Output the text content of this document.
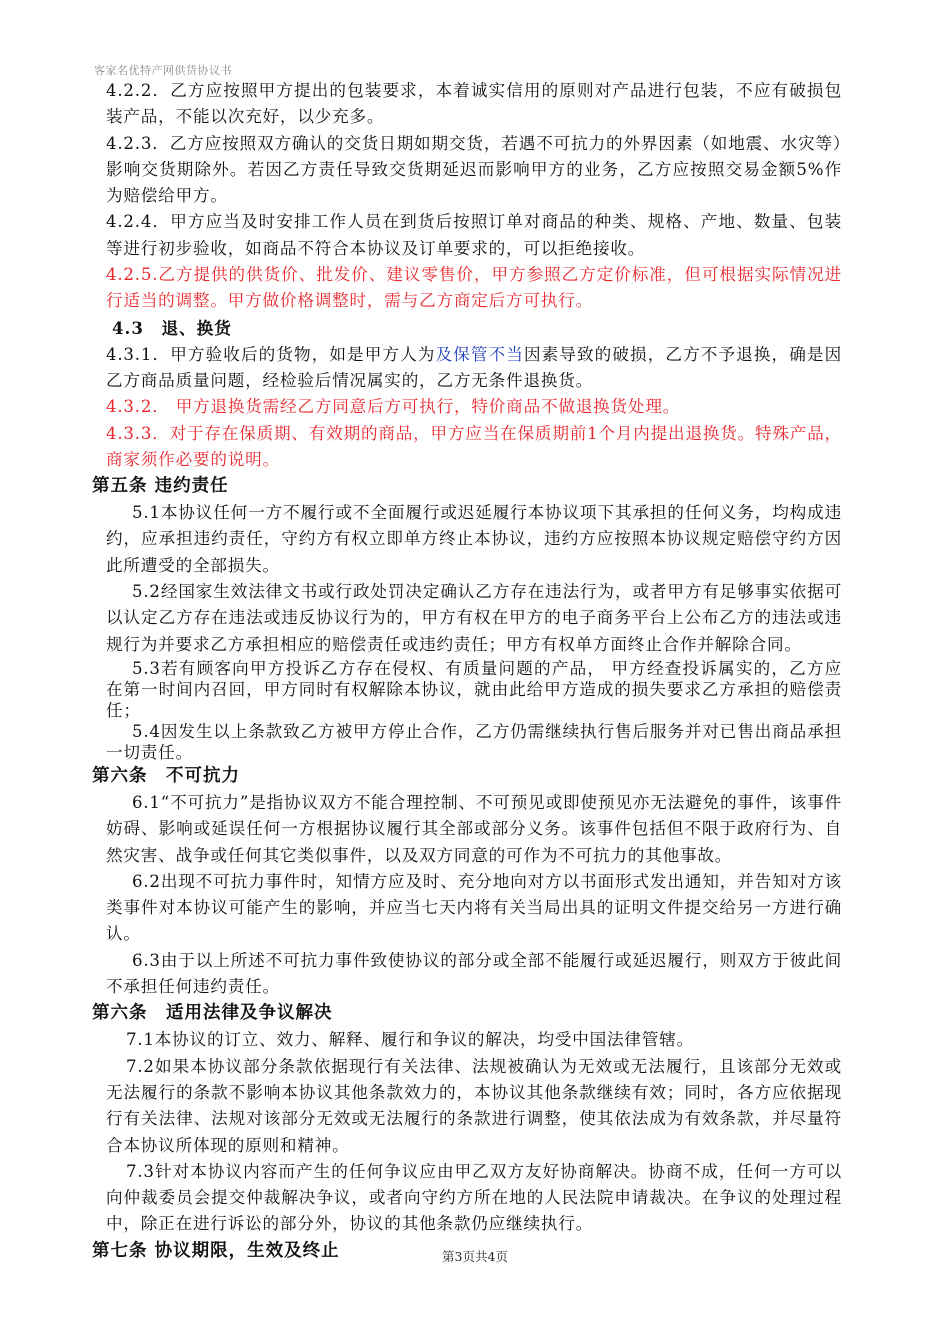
客家名优特产网供货协议书

4.2.2．乙方应按照甲方提出的包装要求，本着诚实信用的原则对产品进行包装，不应有破损包装产品，不能以次充好，以少充多。

4.2.3．乙方应按照双方确认的交货日期如期交货，若遇不可抗力的外界因素（如地震、水灾等）影响交货期除外。若因乙方责任导致交货期延迟而影响甲方的业务，乙方应按照交易金额5%作为赔偿给甲方。

4.2.4．甲方应当及时安排工作人员在到货后按照订单对商品的种类、规格、产地、数量、包装等进行初步验收，如商品不符合本协议及订单要求的，可以拒绝接收。

4.2.5.乙方提供的供货价、批发价、建议零售价，甲方参照乙方定价标准，但可根据实际情况进行适当的调整。甲方做价格调整时，需与乙方商定后方可执行。

4.3　退、换货

4.3.1．甲方验收后的货物，如是甲方人为及保管不当因素导致的破损，乙方不予退换，确是因乙方商品质量问题，经检验后情况属实的，乙方无条件退换货。

4.3.2． 甲方退换货需经乙方同意后方可执行，特价商品不做退换货处理。

4.3.3．对于存在保质期、有效期的商品，甲方应当在保质期前1个月内提出退换货。特殊产品，商家须作必要的说明。

第五条 违约责任

5.1本协议任何一方不履行或不全面履行或迟延履行本协议项下其承担的任何义务，均构成违约，应承担违约责任，守约方有权立即单方终止本协议，违约方应按照本协议规定赔偿守约方因此所遭受的全部损失。

5.2经国家生效法律文书或行政处罚决定确认乙方存在违法行为，或者甲方有足够事实依据可以认定乙方存在违法或违反协议行为的，甲方有权在甲方的电子商务平台上公布乙方的违法或违规行为并要求乙方承担相应的赔偿责任或违约责任；甲方有权单方面终止合作并解除合同。

5.3若有顾客向甲方投诉乙方存在侵权、有质量问题的产品， 甲方经查投诉属实的，乙方应在第一时间内召回，甲方同时有权解除本协议，就由此给甲方造成的损失要求乙方承担的赔偿责任；

5.4因发生以上条款致乙方被甲方停止合作，乙方仍需继续执行售后服务并对已售出商品承担一切责任。

第六条　不可抗力

6.1“不可抗力”是指协议双方不能合理控制、不可预见或即使预见亦无法避免的事件，该事件妨碍、影响或延误任何一方根据协议履行其全部或部分义务。该事件包括但不限于政府行为、自然灾害、战争或任何其它类似事件，以及双方同意的可作为不可抗力的其他事故。

6.2出现不可抗力事件时，知情方应及时、充分地向对方以书面形式发出通知，并告知对方该类事件对本协议可能产生的影响，并应当七天内将有关当局出具的证明文件提交给另一方进行确认。

6.3由于以上所述不可抗力事件致使协议的部分或全部不能履行或延迟履行，则双方于彼此间不承担任何违约责任。

第六条　适用法律及争议解决

7.1本协议的订立、效力、解释、履行和争议的解决，均受中国法律管辖。

7.2如果本协议部分条款依据现行有关法律、法规被确认为无效或无法履行，且该部分无效或无法履行的条款不影响本协议其他条款效力的，本协议其他条款继续有效；同时，各方应依据现行有关法律、法规对该部分无效或无法履行的条款进行调整，使其依法成为有效条款，并尽量符合本协议所体现的原则和精神。

7.3针对本协议内容而产生的任何争议应由甲乙双方友好协商解决。协商不成，任何一方可以向仲裁委员会提交仲裁解决争议，或者向守约方所在地的人民法院申请裁决。在争议的处理过程中，除正在进行诉讼的部分外，协议的其他条款仍应继续执行。

第七条 协议期限，生效及终止	第3页共4页
